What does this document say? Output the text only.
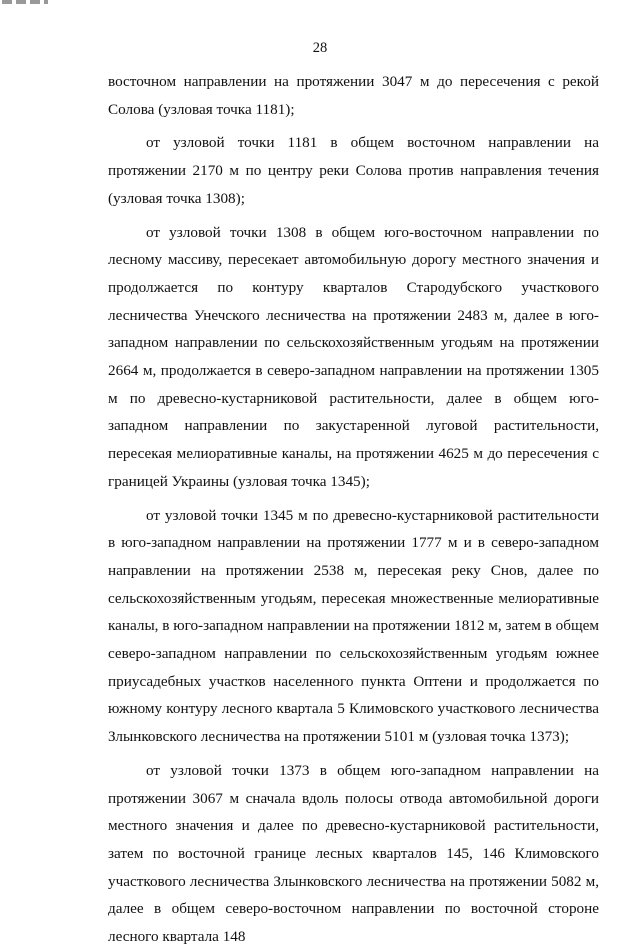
28

восточном направлении на протяжении 3047 м до пересечения с рекой Солова (узловая точка 1181);

от узловой точки 1181 в общем восточном направлении на протяжении 2170 м по центру реки Солова против направления течения (узловая точка 1308);

от узловой точки 1308 в общем юго-восточном направлении по лесному массиву, пересекает автомобильную дорогу местного значения и продолжается по контуру кварталов Стародубского участкового лесничества Унечского лесничества на протяжении 2483 м, далее в юго-западном направлении по сельскохозяйственным угодьям на протяжении 2664 м, продолжается в северо-западном направлении на протяжении 1305 м по древесно-кустарниковой растительности, далее в общем юго-западном направлении по закустаренной луговой растительности, пересекая мелиоративные каналы, на протяжении 4625 м до пересечения с границей Украины (узловая точка 1345);

от узловой точки 1345 м по древесно-кустарниковой растительности в юго-западном направлении на протяжении 1777 м и в северо-западном направлении на протяжении 2538 м, пересекая реку Снов, далее по сельскохозяйственным угодьям, пересекая множественные мелиоративные каналы, в юго-западном направлении на протяжении 1812 м, затем в общем северо-западном направлении по сельскохозяйственным угодьям южнее приусадебных участков населенного пункта Оптени и продолжается по южному контуру лесного квартала 5 Климовского участкового лесничества Злынковского лесничества на протяжении 5101 м (узловая точка 1373);

от узловой точки 1373 в общем юго-западном направлении на протяжении 3067 м сначала вдоль полосы отвода автомобильной дороги местного значения и далее по древесно-кустарниковой растительности, затем по восточной границе лесных кварталов 145, 146 Климовского участкового лесничества Злынковского лесничества на протяжении 5082 м, далее в общем северо-восточном направлении по восточной стороне лесного квартала 148
